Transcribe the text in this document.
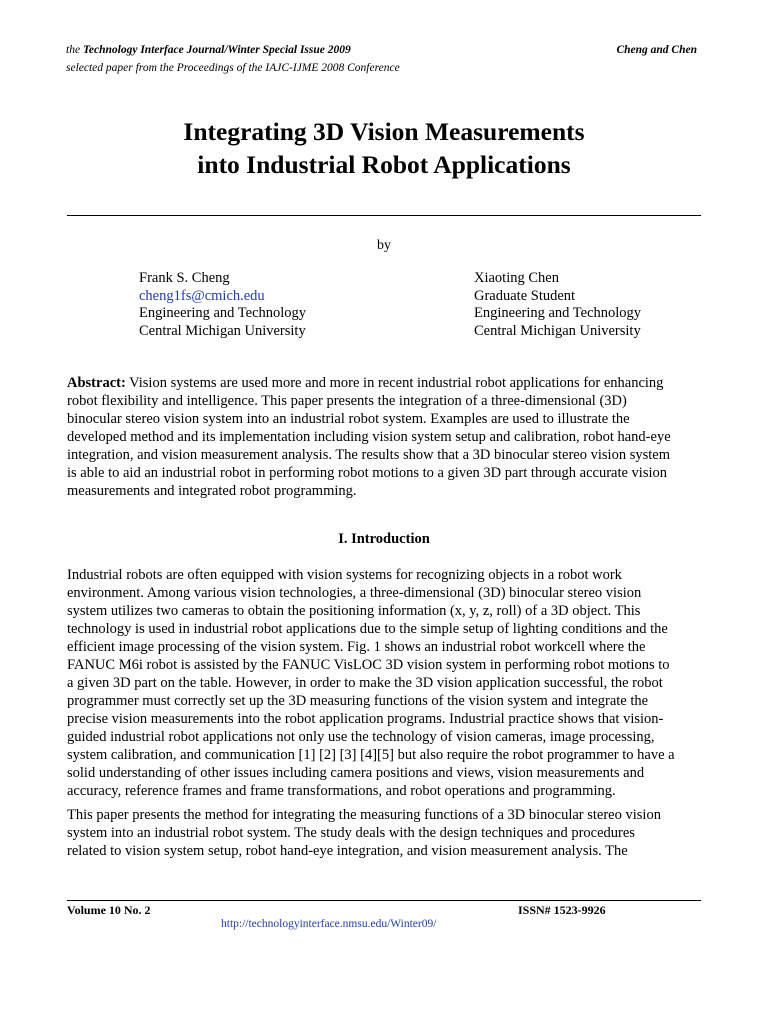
the Technology Interface Journal/Winter Special Issue 2009
selected paper from the Proceedings of the IAJC-IJME 2008 Conference
Cheng and Chen
Integrating 3D Vision Measurements
into Industrial Robot Applications
by
Frank S. Cheng
cheng1fs@cmich.edu
Engineering and Technology
Central Michigan University
Xiaoting Chen
Graduate Student
Engineering and Technology
Central Michigan University
Abstract: Vision systems are used more and more in recent industrial robot applications for enhancing
robot flexibility and intelligence. This paper presents the integration of a three-dimensional (3D)
binocular stereo vision system into an industrial robot system. Examples are used to illustrate the
developed method and its implementation including vision system setup and calibration, robot hand-eye
integration, and vision measurement analysis. The results show that a 3D binocular stereo vision system
is able to aid an industrial robot in performing robot motions to a given 3D part through accurate vision
measurements and integrated robot programming.
I. Introduction
Industrial robots are often equipped with vision systems for recognizing objects in a robot work
environment. Among various vision technologies, a three-dimensional (3D) binocular stereo vision
system utilizes two cameras to obtain the positioning information (x, y, z, roll) of a 3D object. This
technology is used in industrial robot applications due to the simple setup of lighting conditions and the
efficient image processing of the vision system. Fig. 1 shows an industrial robot workcell where the
FANUC M6i robot is assisted by the FANUC VisLOC 3D vision system in performing robot motions to
a given 3D part on the table. However, in order to make the 3D vision application successful, the robot
programmer must correctly set up the 3D measuring functions of the vision system and integrate the
precise vision measurements into the robot application programs. Industrial practice shows that vision-
guided industrial robot applications not only use the technology of vision cameras, image processing,
system calibration, and communication [1] [2] [3] [4][5] but also require the robot programmer to have a
solid understanding of other issues including camera positions and views, vision measurements and
accuracy, reference frames and frame transformations, and robot operations and programming.
This paper presents the method for integrating the measuring functions of a 3D binocular stereo vision
system into an industrial robot system. The study deals with the design techniques and procedures
related to vision system setup, robot hand-eye integration, and vision measurement analysis. The
Volume 10 No. 2	ISSN# 1523-9926
http://technologyinterface.nmsu.edu/Winter09/
